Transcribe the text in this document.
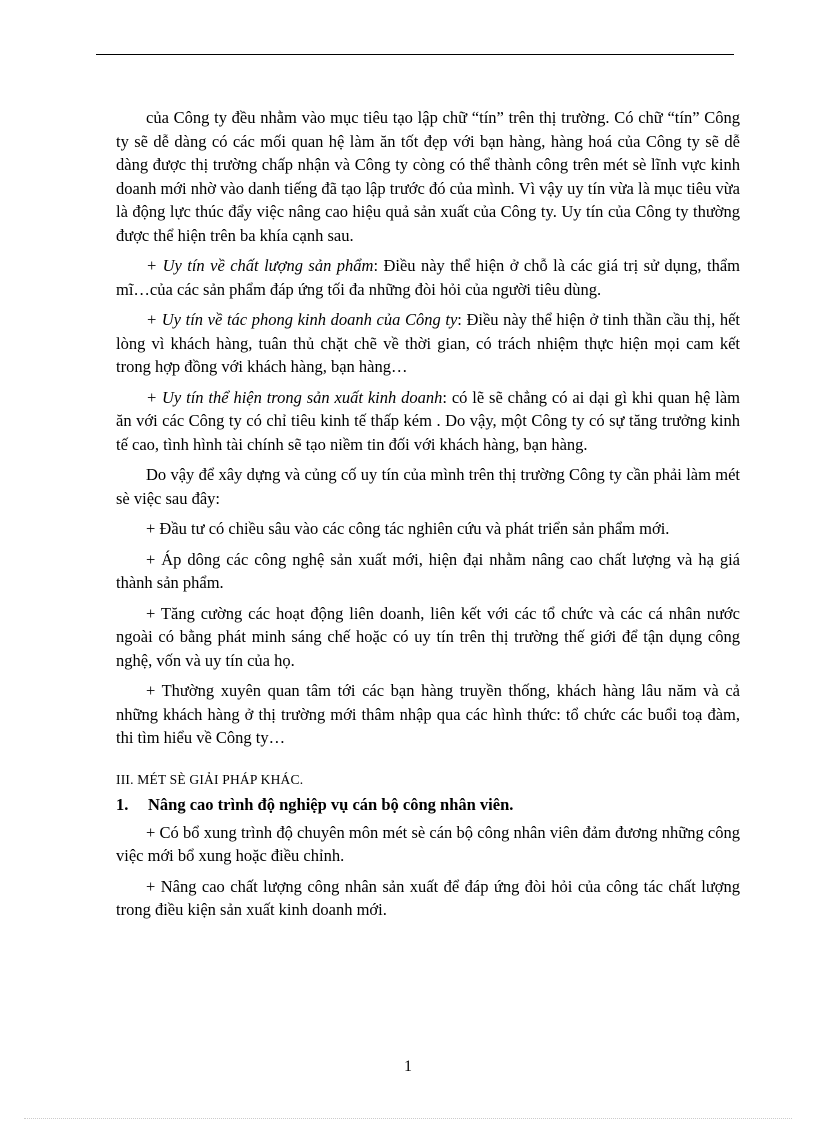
của Công ty đều nhằm vào mục tiêu tạo lập chữ “tín” trên thị trường. Có chữ “tín” Công ty sẽ dễ dàng có các mối quan hệ làm ăn tốt đẹp với bạn hàng, hàng hoá của Công ty sẽ dễ dàng được thị trường chấp nhận và Công ty còng có thể thành công trên mét sè lĩnh vực kinh doanh mới nhờ vào danh tiếng đã tạo lập trước đó của mình. Vì vậy uy tín vừa là mục tiêu vừa là động lực thúc đẩy việc nâng cao hiệu quả sản xuất của Công ty. Uy tín của Công ty thường được thể hiện trên ba khía cạnh sau.

+ Uy tín về chất lượng sản phẩm: Điều này thể hiện ở chỗ là các giá trị sử dụng, thẩm mĩ…của các sản phẩm đáp ứng tối đa những đòi hỏi của người tiêu dùng.

+ Uy tín về tác phong kinh doanh của Công ty: Điều này thể hiện ở tinh thần cầu thị, hết lòng vì khách hàng, tuân thủ chặt chẽ về thời gian, có trách nhiệm thực hiện mọi cam kết trong hợp đồng với khách hàng, bạn hàng…

+ Uy tín thể hiện trong sản xuất kinh doanh: có lẽ sẽ chẳng có ai dại gì khi quan hệ làm ăn với các Công ty có chỉ tiêu kinh tế thấp kém . Do vậy, một Công ty có sự tăng trưởng kinh tế cao, tình hình tài chính sẽ tạo niềm tin đối với khách hàng, bạn hàng.

Do vậy để xây dựng và củng cố uy tín của mình trên thị trường Công ty cần phải làm mét sè việc sau đây:

+ Đầu tư có chiều sâu vào các công tác nghiên cứu và phát triển sản phẩm mới.

+ Áp dông các công nghệ sản xuất mới, hiện đại nhằm nâng cao chất lượng và hạ giá thành sản phẩm.

+ Tăng cường các hoạt động liên doanh, liên kết với các tổ chức và các cá nhân nước ngoài có bằng phát minh sáng chế hoặc có uy tín trên thị trường thế giới để tận dụng công nghệ, vốn và uy tín của họ.

+ Thường xuyên quan tâm tới các bạn hàng truyền thống, khách hàng lâu năm và cả những khách hàng ở thị trường mới thâm nhập qua các hình thức: tổ chức các buổi toạ đàm, thi tìm hiểu về Công ty…

III. MÉT SÈ GIẢI PHÁP KHÁC.
1.	Nâng cao trình độ nghiệp vụ cán bộ công nhân viên.

+ Có bổ xung trình độ chuyên môn mét sè cán bộ công nhân viên đảm đương những công việc mới bổ xung hoặc điều chỉnh.

+ Nâng cao chất lượng công nhân sản xuất để đáp ứng đòi hỏi của công tác chất lượng trong điều kiện sản xuất kinh doanh mới.

1
